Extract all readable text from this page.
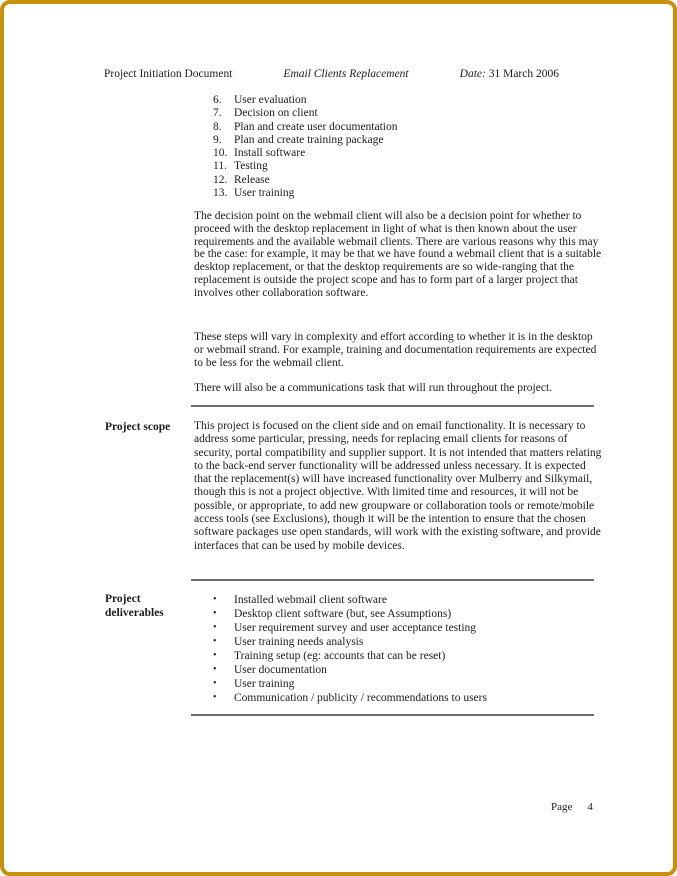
Project Initiation Document	Email Clients Replacement	Date: 31 March 2006
6.	User evaluation
7.	Decision on client
8.	Plan and create user documentation
9.	Plan and create training package
10. Install software
11. Testing
12. Release
13. User training
The decision point on the webmail client will also be a decision point for whether to proceed with the desktop replacement in light of what is then known about the user requirements and the available webmail clients. There are various reasons why this may be the case: for example, it may be that we have found a webmail client that is a suitable desktop replacement, or that the desktop requirements are so wide-ranging that the replacement is outside the project scope and has to form part of a larger project that involves other collaboration software.
These steps will vary in complexity and effort according to whether it is in the desktop or webmail strand. For example, training and documentation requirements are expected to be less for the webmail client.
There will also be a communications task that will run throughout the project.
Project scope	This project is focused on the client side and on email functionality. It is necessary to address some particular, pressing, needs for replacing email clients for reasons of security, portal compatibility and supplier support. It is not intended that matters relating to the back-end server functionality will be addressed unless necessary. It is expected that the replacement(s) will have increased functionality over Mulberry and Silkymail, though this is not a project objective. With limited time and resources, it will not be possible, or appropriate, to add new groupware or collaboration tools or remote/mobile access tools (see Exclusions), though it will be the intention to ensure that the chosen software packages use open standards, will work with the existing software, and provide interfaces that can be used by mobile devices.
Project deliverables
•	Installed webmail client software
•	Desktop client software (but, see Assumptions)
•	User requirement survey and user acceptance testing
•	User training needs analysis
•	Training setup (eg: accounts that can be reset)
•	User documentation
•	User training
•	Communication / publicity / recommendations to users
Page 4
